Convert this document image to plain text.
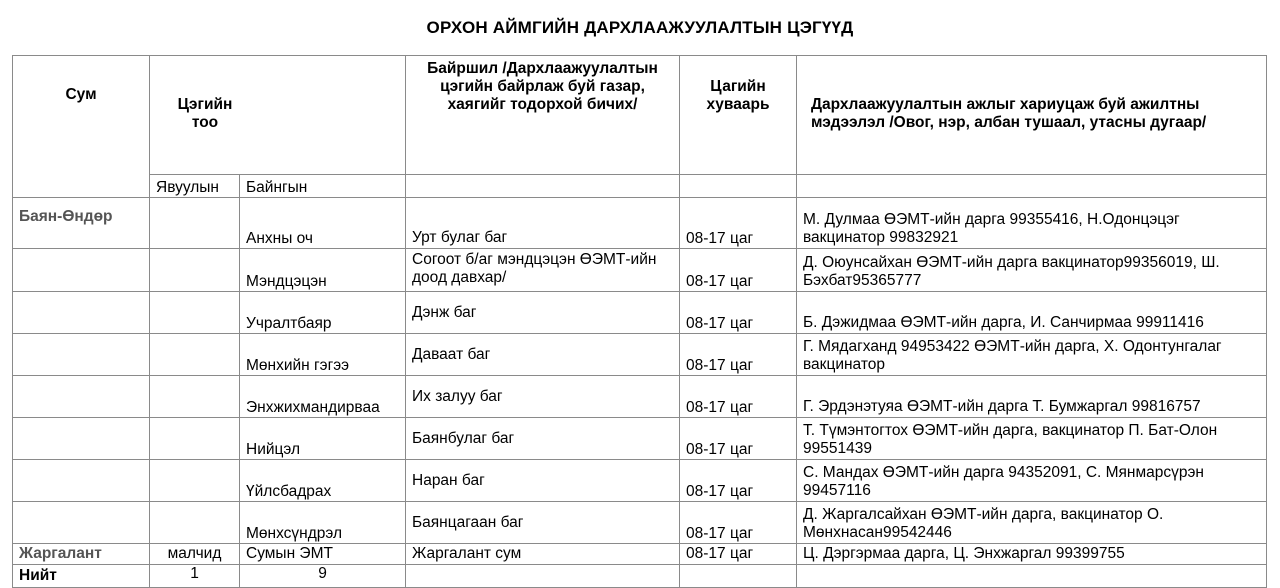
ОРХОН АЙМГИЙН ДАРХЛААЖУУЛАЛТЫН ЦЭГҮҮД
Сум	Цэгийн тоо		Байршил /Дархлаажуулалтын цэгийн байрлаж буй газар, хаягийг тодорхой бичих/	Цагийн хуваарь	Дархлаажуулалтын ажлыг хариуцаж буй ажилтны мэдээлэл /Овог, нэр, албан тушаал, утасны дугаар/
	Явуулын	Байнгын			
Баян-Өндөр		Анхны оч	Урт булаг баг	08-17 цаг	М. Дулмаа ӨЭМТ-ийн дарга 99355416, Н.Одонцэцэг вакцинатор 99832921
		Мэндцэцэн	Согоот б/аг мэндцэцэн ӨЭМТ-ийн доод давхар/	08-17 цаг	Д. Оюунсайхан ӨЭМТ-ийн дарга вакцинатор99356019, Ш. Бэхбат95365777
		Учралтбаяр	Дэнж баг	08-17 цаг	Б. Дэжидмаа ӨЭМТ-ийн дарга, И. Санчирмаа 99911416
		Мөнхийн гэгээ	Даваат баг	08-17 цаг	Г. Мядагханд 94953422 ӨЭМТ-ийн дарга, Х. Одонтунгалаг вакцинатор
		Энхжихмандирваа	Их залуу баг	08-17 цаг	Г. Эрдэнэтуяа ӨЭМТ-ийн дарга Т. Бумжаргал 99816757
		Нийцэл	Баянбулаг баг	08-17 цаг	Т. Түмэнтогтох ӨЭМТ-ийн дарга, вакцинатор П. Бат-Олон 99551439
		Үйлсбадрах	Наран баг	08-17 цаг	С. Мандах ӨЭМТ-ийн дарга 94352091, С. Мянмарсүрэн 99457116
		Мөнхсүндрэл	Баянцагаан баг	08-17 цаг	Д. Жаргалсайхан ӨЭМТ-ийн дарга, вакцинатор О. Мөнхнасан99542446
Жаргалант	малчид	Сумын ЭМТ	Жаргалант сум	08-17 цаг	Ц. Дэргэрмаа дарга, Ц. Энхжаргал 99399755
Нийт	1	9			
